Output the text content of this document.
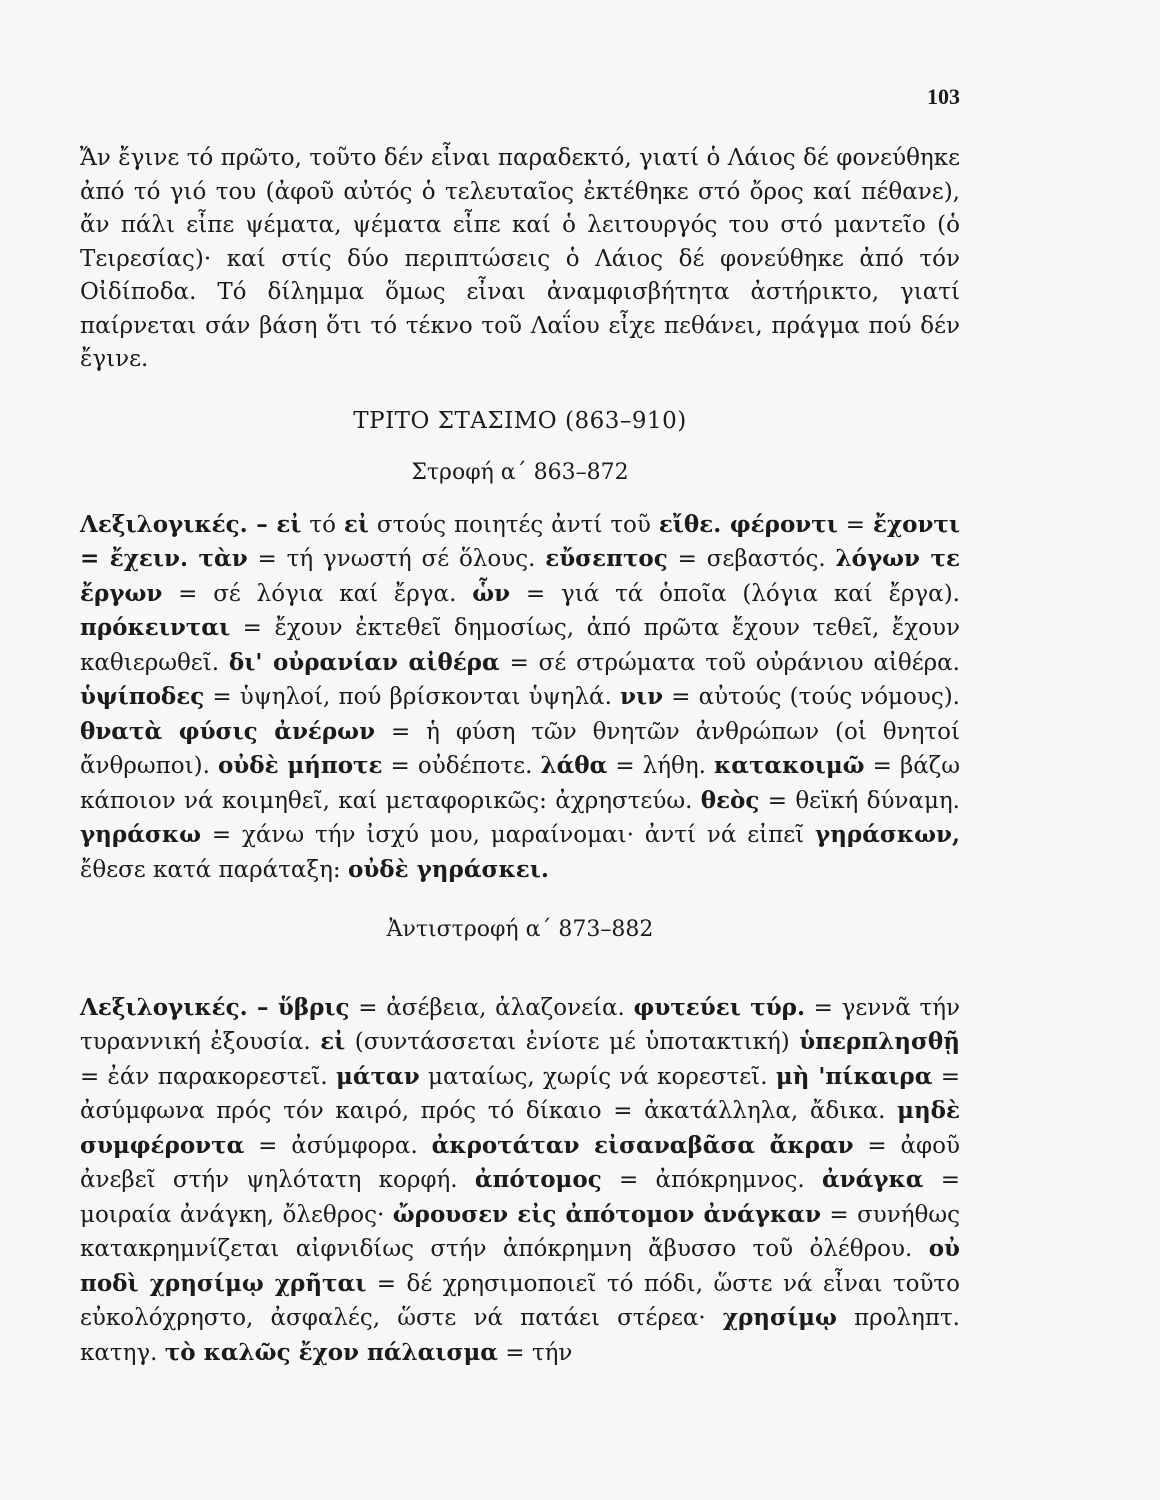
103

Ἄν ἔγινε τό πρῶτο, τοῦτο δέν εἶναι παραδεκτό, γιατί ὁ Λάιος δέ φονεύθηκε ἀπό τό γιό του (ἀφοῦ αὐτός ὁ τελευταῖος ἐκτέθηκε στό ὄρος καί πέθανε), ἄν πάλι εἶπε ψέματα, ψέματα εἶπε καί ὁ λειτουργός του στό μαντεῖο (ὁ Τειρεσίας)· καί στίς δύο περιπτώσεις ὁ Λάιος δέ φονεύθηκε ἀπό τόν Οἰδίποδα. Τό δίλημμα ὅμως εἶναι ἀναμφισβήτητα ἀστήρικτο, γιατί παίρνεται σάν βάση ὅτι τό τέκνο τοῦ Λαΐου εἶχε πεθάνει, πράγμα πού δέν ἔγινε.

ΤΡΙΤΟ ΣΤΑΣΙΜΟ (863–910)
Στροφή α΄ 863–872

Λεξιλογικές. – εἰ τό εἰ στούς ποιητές ἀντί τοῦ εἴθε. φέροντι = ἔχοντι = ἔχειν. τὰν = τή γνωστή σέ ὅλους. εὔσεπτος = σεβαστός. λόγων τε ἔργων = σέ λόγια καί ἔργα. ὧν = γιά τά ὁποῖα (λόγια καί ἔργα). πρόκεινται = ἔχουν ἐκτεθεῖ δημοσίως, ἀπό πρῶτα ἔχουν τεθεῖ, ἔχουν καθιερωθεῖ. δι' οὐρανίαν αἰθέρα = σέ στρώματα τοῦ οὐράνιου αἰθέρα. ὑψίποδες = ὑψηλοί, πού βρίσκονται ὑψηλά. νιν = αὐτούς (τούς νόμους). θνατὰ φύσις ἀνέρων = ἡ φύση τῶν θνητῶν ἀνθρώπων (οἱ θνητοί ἄνθρωποι). οὐδὲ μήποτε = οὐδέποτε. λάθα = λήθη. κατακοιμῶ = βάζω κάποιον νά κοιμηθεῖ, καί μεταφορικῶς: ἀχρηστεύω. θεὸς = θεϊκή δύναμη. γηράσκω = χάνω τήν ἰσχύ μου, μαραίνομαι· ἀντί νά εἰπεῖ γηράσκων, ἔθεσε κατά παράταξη: οὐδὲ γηράσκει.

Ἀντιστροφή α΄ 873–882

Λεξιλογικές. – ὕβρις = ἀσέβεια, ἀλαζονεία. φυτεύει τύρ. = γεννᾶ τήν τυραννική ἐξουσία. εἰ (συντάσσεται ἐνίοτε μέ ὑποτακτική) ὑπερπλησθῇ = ἐάν παρακορεστεῖ. μάταν ματαίως, χωρίς νά κορεστεῖ. μὴ 'πίκαιρα = ἀσύμφωνα πρός τόν καιρό, πρός τό δίκαιο = ἀκατάλληλα, ἄδικα. μηδὲ συμφέροντα = ἀσύμφορα. ἀκροτάταν εἰσαναβᾶσα ἄκραν = ἀφοῦ ἀνεβεῖ στήν ψηλότατη κορφή. ἀπότομος = ἀπόκρημνος. ἀνάγκα = μοιραία ἀνάγκη, ὄλεθρος· ὤρουσεν εἰς ἀπότομον ἀνάγκαν = συνήθως κατακρημνίζεται αἰφνιδίως στήν ἀπόκρημνη ἄβυσσο τοῦ ὀλέθρου. οὐ ποδὶ χρησίμῳ χρῆται = δέ χρησιμοποιεῖ τό πόδι, ὥστε νά εἶναι τοῦτο εὐκολόχρηστο, ἀσφαλές, ὥστε νά πατάει στέρεα· χρησίμῳ προληπτ. κατηγ. τὸ καλῶς ἔχον πάλαισμα = τήν
